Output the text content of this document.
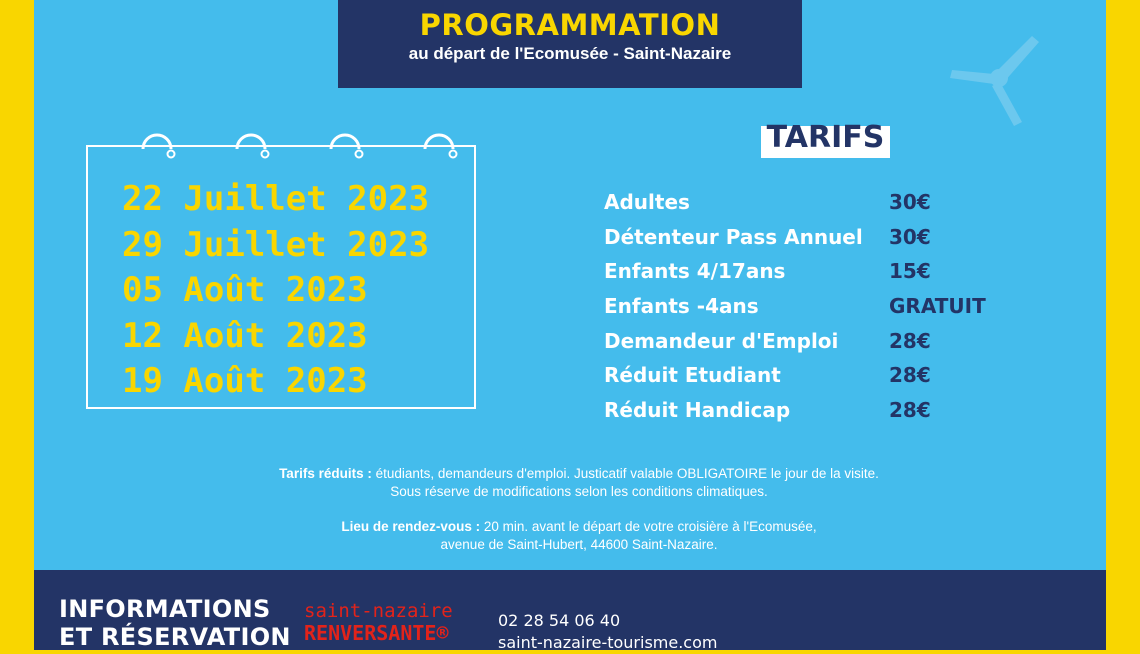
PROGRAMMATION
au départ de l'Ecomusée - Saint-Nazaire
22 Juillet 2023
29 Juillet 2023
05 Août 2023
12 Août 2023
19 Août 2023
TARIFS
Adultes	30€
Détenteur Pass Annuel	30€
Enfants 4/17ans	15€
Enfants -4ans	GRATUIT
Demandeur d'Emploi	28€
Réduit Etudiant	28€
Réduit Handicap	28€

Tarifs réduits : étudiants, demandeurs d'emploi. Justicatif valable OBLIGATOIRE le jour de la visite.

Sous réserve de modifications selon les conditions climatiques.

Lieu de rendez-vous : 20 min. avant le départ de votre croisière à l'Ecomusée,

avenue de Saint-Hubert, 44600 Saint-Nazaire.

INFORMATIONS
ET RÉSERVATION
saint-nazaire
RENVERSANTE®
02 28 54 06 40
saint-nazaire-tourisme.com
